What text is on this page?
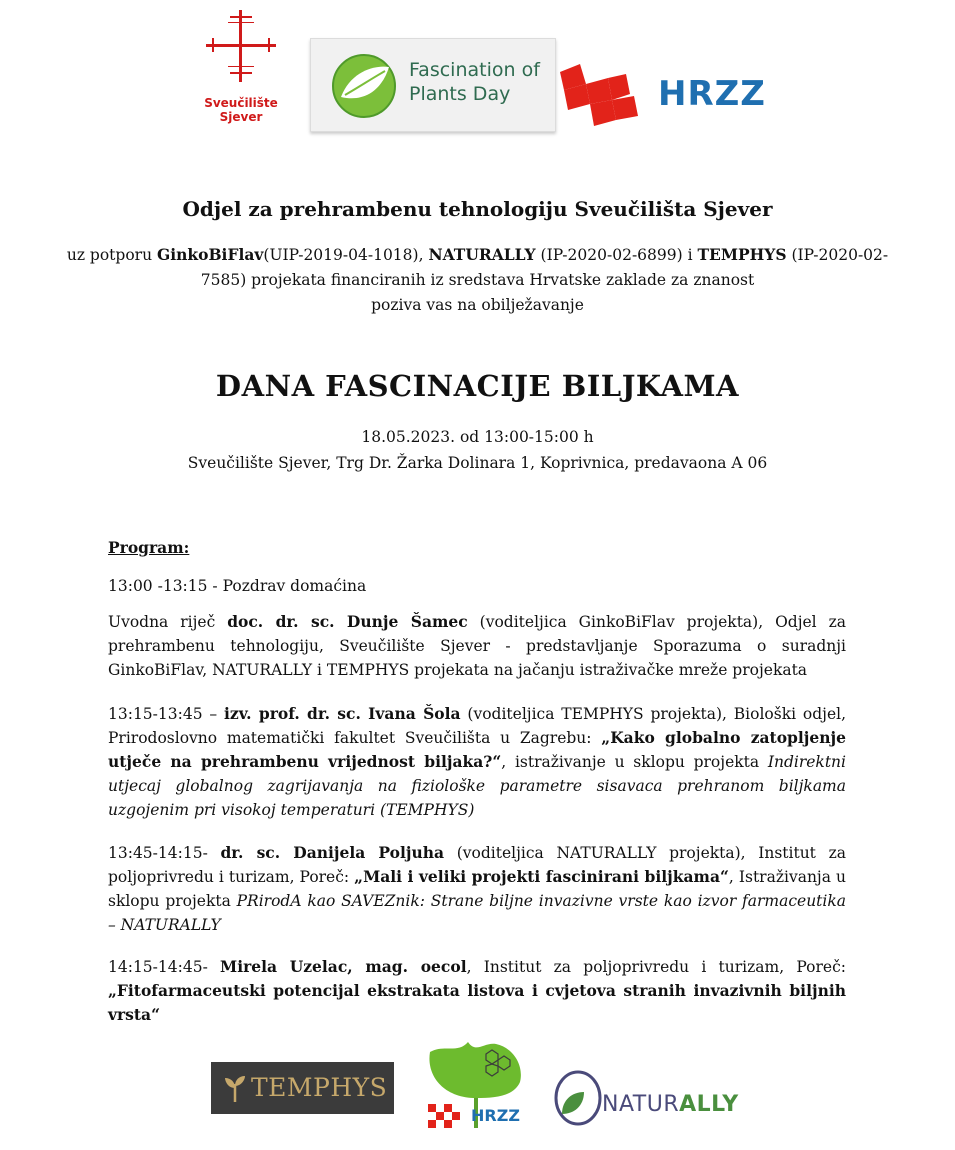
Sveučilište
Sjever
Fascination of
Plants Day	HRZZ
Odjel za prehrambenu tehnologiju Sveučilišta Sjever
uz potporu GinkoBiFlav(UIP-2019-04-1018), NATURALLY (IP-2020-02-6899) i TEMPHYS (IP-2020-02-7585) projekata financiranih iz sredstava Hrvatske zaklade za znanost
poziva vas na obilježavanje
DANA FASCINACIJE BILJKAMA
18.05.2023. od 13:00-15:00 h
Sveučilište Sjever, Trg Dr. Žarka Dolinara 1, Koprivnica, predavaona A 06
Program:
13:00 -13:15 - Pozdrav domaćina
Uvodna riječ doc. dr. sc. Dunje Šamec (voditeljica GinkoBiFlav projekta), Odjel za prehrambenu tehnologiju, Sveučilište Sjever - predstavljanje Sporazuma o suradnji GinkoBiFlav, NATURALLY i TEMPHYS projekata na jačanju istraživačke mreže projekata
13:15-13:45 – izv. prof. dr. sc. Ivana Šola (voditeljica TEMPHYS projekta), Biološki odjel, Prirodoslovno matematički fakultet Sveučilišta u Zagrebu: „Kako globalno zatopljenje utječe na prehrambenu vrijednost biljaka?“, istraživanje u sklopu projekta Indirektni utjecaj globalnog zagrijavanja na fiziološke parametre sisavaca prehranom biljkama uzgojenim pri visokoj temperaturi (TEMPHYS)
13:45-14:15- dr. sc. Danijela Poljuha (voditeljica NATURALLY projekta), Institut za poljoprivredu i turizam, Poreč: „Mali i veliki projekti fascinirani biljkama“, Istraživanja u sklopu projekta PRirodA kao SAVEZnik: Strane biljne invazivne vrste kao izvor farmaceutika – NATURALLY
14:15-14:45- Mirela Uzelac, mag. oecol, Institut za poljoprivredu i turizam, Poreč: „Fitofarmaceutski potencijal ekstrakata listova i cvjetova stranih invazivnih biljnih vrsta“
TEMPHYS
HRZZ	NATURALLY
